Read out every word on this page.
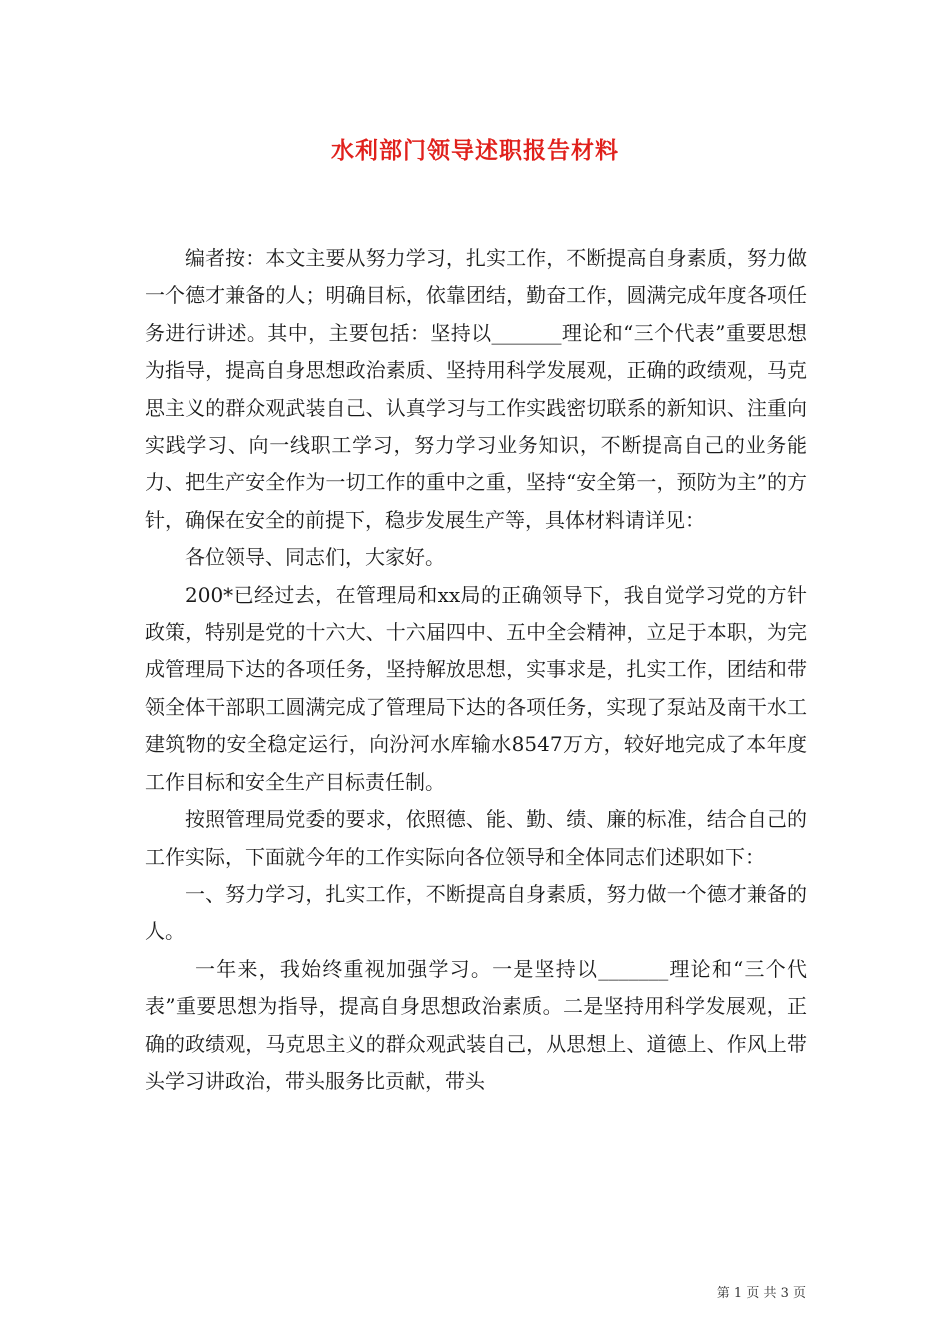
水利部门领导述职报告材料

编者按：本文主要从努力学习，扎实工作，不断提高自身素质，努力做一个德才兼备的人；明确目标，依靠团结，勤奋工作，圆满完成年度各项任务进行讲述。其中，主要包括：坚持以_______理论和“三个代表”重要思想为指导，提高自身思想政治素质、坚持用科学发展观，正确的政绩观，马克思主义的群众观武装自己、认真学习与工作实践密切联系的新知识、注重向实践学习、向一线职工学习，努力学习业务知识，不断提高自己的业务能力、把生产安全作为一切工作的重中之重，坚持“安全第一，预防为主”的方针，确保在安全的前提下，稳步发展生产等，具体材料请详见：

各位领导、同志们，大家好。

200*已经过去，在管理局和xx局的正确领导下，我自觉学习党的方针政策，特别是党的十六大、十六届四中、五中全会精神，立足于本职，为完成管理局下达的各项任务，坚持解放思想，实事求是，扎实工作，团结和带领全体干部职工圆满完成了管理局下达的各项任务，实现了泵站及南干水工建筑物的安全稳定运行，向汾河水库输水8547万方，较好地完成了本年度工作目标和安全生产目标责任制。

按照管理局党委的要求，依照德、能、勤、绩、廉的标准，结合自己的工作实际，下面就今年的工作实际向各位领导和全体同志们述职如下：

一、努力学习，扎实工作，不断提高自身素质，努力做一个德才兼备的人。

一年来，我始终重视加强学习。一是坚持以_______理论和“三个代表”重要思想为指导，提高自身思想政治素质。二是坚持用科学发展观，正确的政绩观，马克思主义的群众观武装自己，从思想上、道德上、作风上带头学习讲政治，带头服务比贡献，带头

第 1 页 共 3 页
